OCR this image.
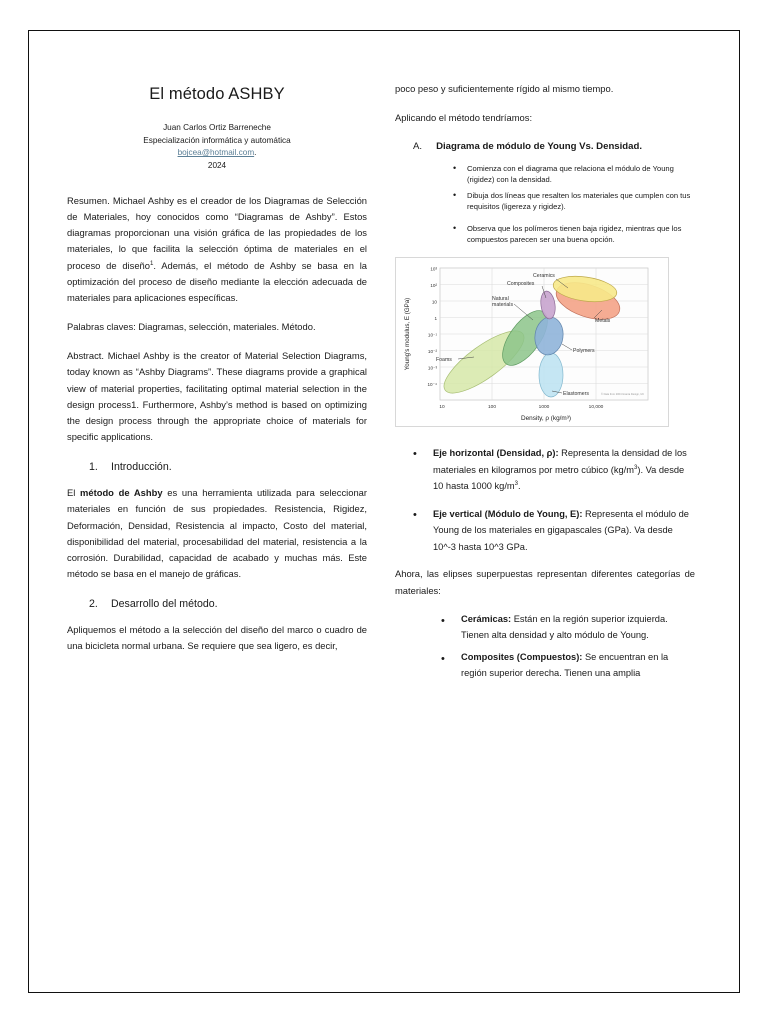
El método ASHBY
Juan Carlos Ortiz Barreneche
Especialización informática y automática
bojcea@hotmail.com.
2024

Resumen. Michael Ashby es el creador de los Diagramas de Selección de Materiales, hoy conocidos como “Diagramas de Ashby”. Estos diagramas proporcionan una visión gráfica de las propiedades de los materiales, lo que facilita la selección óptima de materiales en el proceso de diseño$^1$. Además, el método de Ashby se basa en la optimización del proceso de diseño mediante la elección adecuada de materiales para aplicaciones específicas.

Palabras claves: Diagramas, selección, materiales. Método.

Abstract. Michael Ashby is the creator of Material Selection Diagrams, today known as “Ashby Diagrams”. These diagrams provide a graphical view of material properties, facilitating optimal material selection in the design process1. Furthermore, Ashby’s method is based on optimizing the design process through the appropriate choice of materials for specific applications.

1. Introducción.

El método de Ashby es una herramienta utilizada para seleccionar materiales en función de sus propiedades. Resistencia, Rigidez, Deformación, Densidad, Resistencia al impacto, Costo del material, disponibilidad del material, procesabilidad del material, resistencia a la corrosión. Durabilidad, capacidad de acabado y muchas más. Este método se basa en el manejo de gráficas.

2. Desarrollo del método.

Apliquemos el método a la selección del diseño del marco o cuadro de una bicicleta normal urbana. Se requiere que sea ligero, es decir,

poco peso y suficientemente rígido al mismo tiempo.

Aplicando el método tendríamos:

A. Diagrama de módulo de Young Vs. Densidad.
• Comienza con el diagrama que relaciona el módulo de Young (rigidez) con la densidad.
• Dibuja dos líneas que resalten los materiales que cumplen con tus requisitos (ligereza y rigidez).
• Observa que los polímeros tienen baja rigidez, mientras que los compuestos parecen ser una buena opción.
Ceramics
Composites
Metals
Natural
materials
Foams
Polymers
Elastomers
10³
10²
10
1
10⁻¹
10⁻²
10⁻³
10⁻⁴
10	100	1000	10,000
Density, ρ (kg/m³)
Young's modulus, E (GPa)
© Data from 2004 Granta Design, UK
• Eje horizontal (Densidad, ρ): Representa la densidad de los materiales en kilogramos por metro cúbico $(kg/m^3)$. Va desde 10 hasta 1000 $kg/m^3$.
• Eje vertical (Módulo de Young, E): Representa el módulo de Young de los materiales en gigapascales (GPa). Va desde 10^-3 hasta 10^3 GPa.

Ahora, las elipses superpuestas representan diferentes categorías de materiales:

• Cerámicas: Están en la región superior izquierda. Tienen alta densidad y alto módulo de Young.
• Composites (Compuestos): Se encuentran en la región superior derecha. Tienen una amplia
